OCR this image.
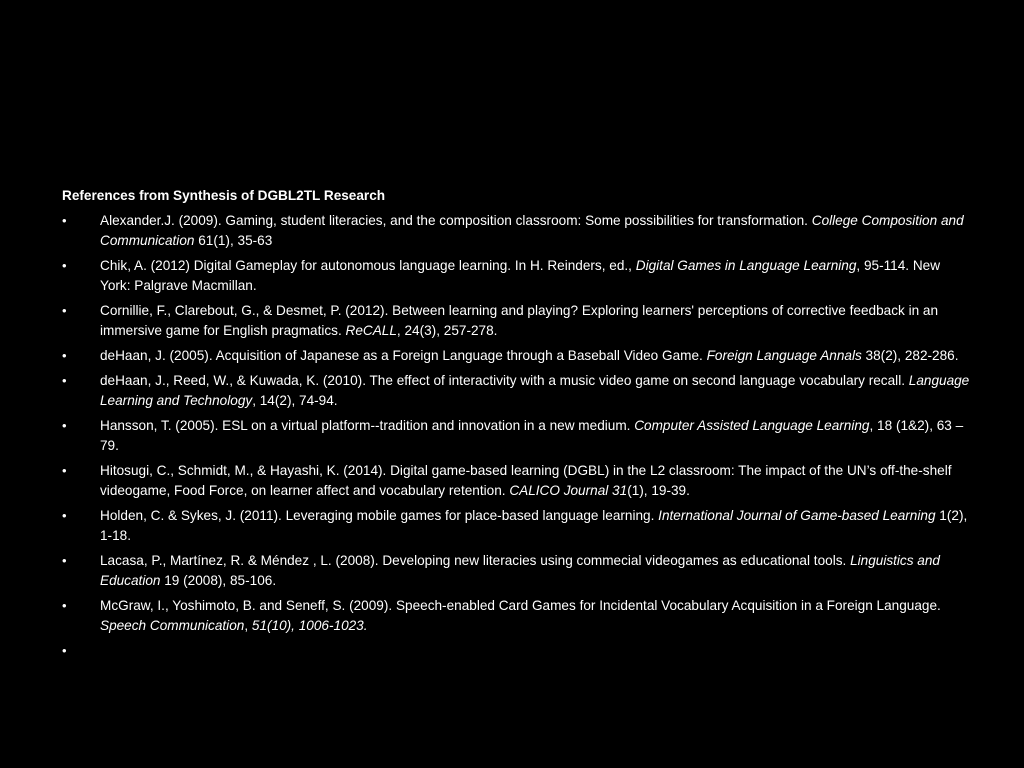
References from Synthesis of DGBL2TL Research
•	Alexander.J. (2009). Gaming, student literacies, and the composition classroom: Some possibilities for transformation. College Composition and Communication 61(1), 35-63
•	Chik, A. (2012) Digital Gameplay for autonomous language learning. In H. Reinders, ed., Digital Games in Language Learning, 95-114. New York: Palgrave Macmillan.
•	Cornillie, F., Clarebout, G., & Desmet, P. (2012). Between learning and playing? Exploring learners' perceptions of corrective feedback in an immersive game for English pragmatics. ReCALL, 24(3), 257-278.
•	deHaan, J. (2005). Acquisition of Japanese as a Foreign Language through a Baseball Video Game. Foreign Language Annals 38(2), 282-286.
•	deHaan, J., Reed, W., & Kuwada, K. (2010). The effect of interactivity with a music video game on second language vocabulary recall. Language Learning and Technology, 14(2), 74-94.
•	Hansson, T. (2005). ESL on a virtual platform--tradition and innovation in a new medium. Computer Assisted Language Learning, 18 (1&2), 63 – 79.
•	Hitosugi, C., Schmidt, M., & Hayashi, K. (2014). Digital game-based learning (DGBL) in the L2 classroom: The impact of the UN’s off-the-shelf videogame, Food Force, on learner affect and vocabulary retention. CALICO Journal 31(1), 19-39.
•	Holden, C. & Sykes, J. (2011). Leveraging mobile games for place-based language learning. International Journal of Game-based Learning 1(2), 1-18.
•	Lacasa, P., Martínez, R. & Méndez , L. (2008). Developing new literacies using commecial videogames as educational tools. Linguistics and Education 19 (2008), 85-106.
•	McGraw, I., Yoshimoto, B. and Seneff, S. (2009). Speech-enabled Card Games for Incidental Vocabulary Acquisition in a Foreign Language. Speech Communication, 51(10), 1006-1023.
•
